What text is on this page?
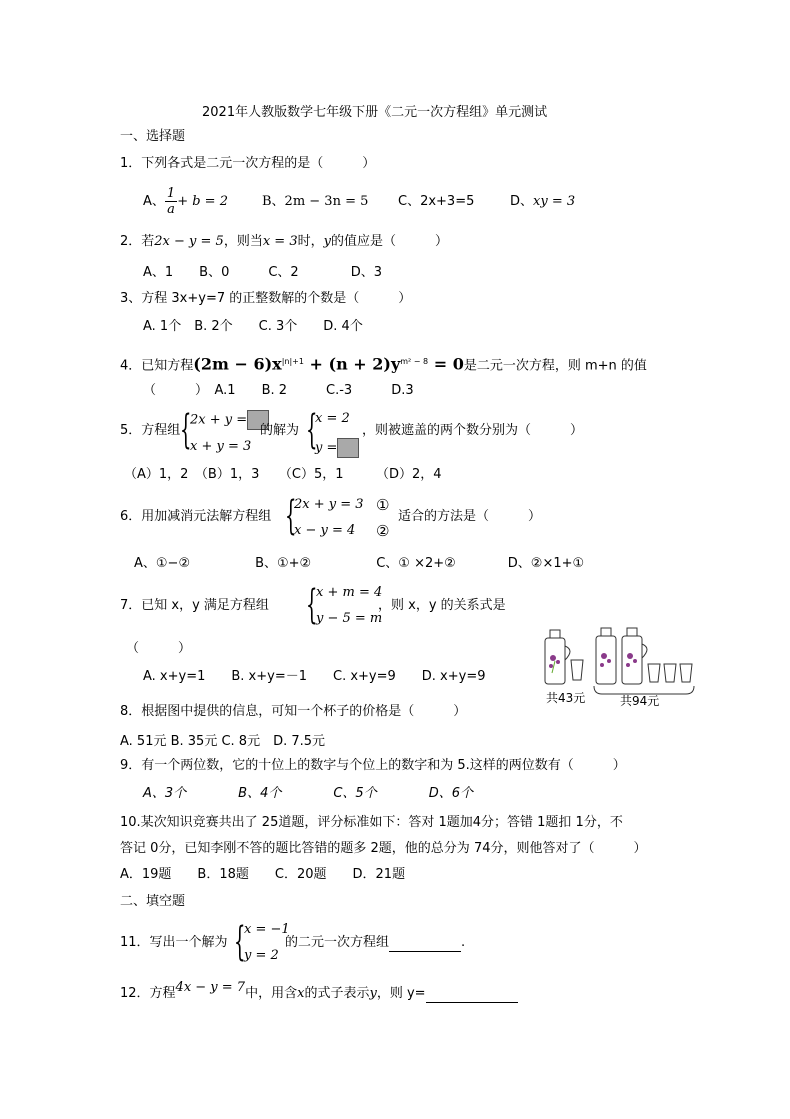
2021年人教版数学七年级下册《二元一次方程组》单元测试
一、选择题
1．下列各式是二元一次方程的是（　　　）
A、 $\frac{1}{a} + b = 2$	B、2m − 3n = 5 C、2x+3=5	D、xy = 3
2．若2x − y = 5，则当x = 3时，y的值应是（　　　）
A、1　　B、0　　　C、2　　　　D、3
3、方程 3x+y=7 的正整数解的个数是（　　　）
A. 1个　B. 2个　　C. 3个　　D. 4个
4．已知方程$(2m - 6)x^{|n|+1} + (n + 2)y^{m^2 - 8} = 0$是二元一次方程，则 m+n 的值
（　　　）　A.1　　B. 2　　　C.-3　　　D.3
5．方程组 {
2x + y =
x + y = 3
的解为 {
x = 2
y =
，则被遮盖的两个数分别为（　　　）
（A）1，2　（B）1，3　　（C）5，1　　　（D）2，4
6．用加减消元法解方程组 {
2x + y = 3
x − y = 4
①
②
适合的方法是（　　　）
A、①−②　　　　　B、①+②　　　　　C、① ×2+②　　　　D、②×1+①
7．已知 x，y 满足方程组 {
x + m = 4
y − 5 = m
，则 x，y 的关系式是
（　　　）
A. x+y=1　　B. x+y=－1　　C. x+y=9　　D. x+y=9
共43元	共94元
8．根据图中提供的信息，可知一个杯子的价格是（　　　）
A. 51元 B. 35元 C. 8元　D. 7.5元
9．有一个两位数，它的十位上的数字与个位上的数字和为 5.这样的两位数有（　　　）
A、3个　　　　B、4个　　　　C、5个　　　　D、6个
10.某次知识竞赛共出了 25道题，评分标准如下：答对 1题加4分；答错 1题扣 1分，不
答记 0分，已知李刚不答的题比答错的题多 2题，他的总分为 74分，则他答对了（　　　）
A．19题　　B．18题　　C．20题　　D．21题
二、填空题
11．写出一个解为 {
x = −1
y = 2
的二元一次方程组	.
12．方程4x − y = 7中，用含x的式子表示y，则 y=
